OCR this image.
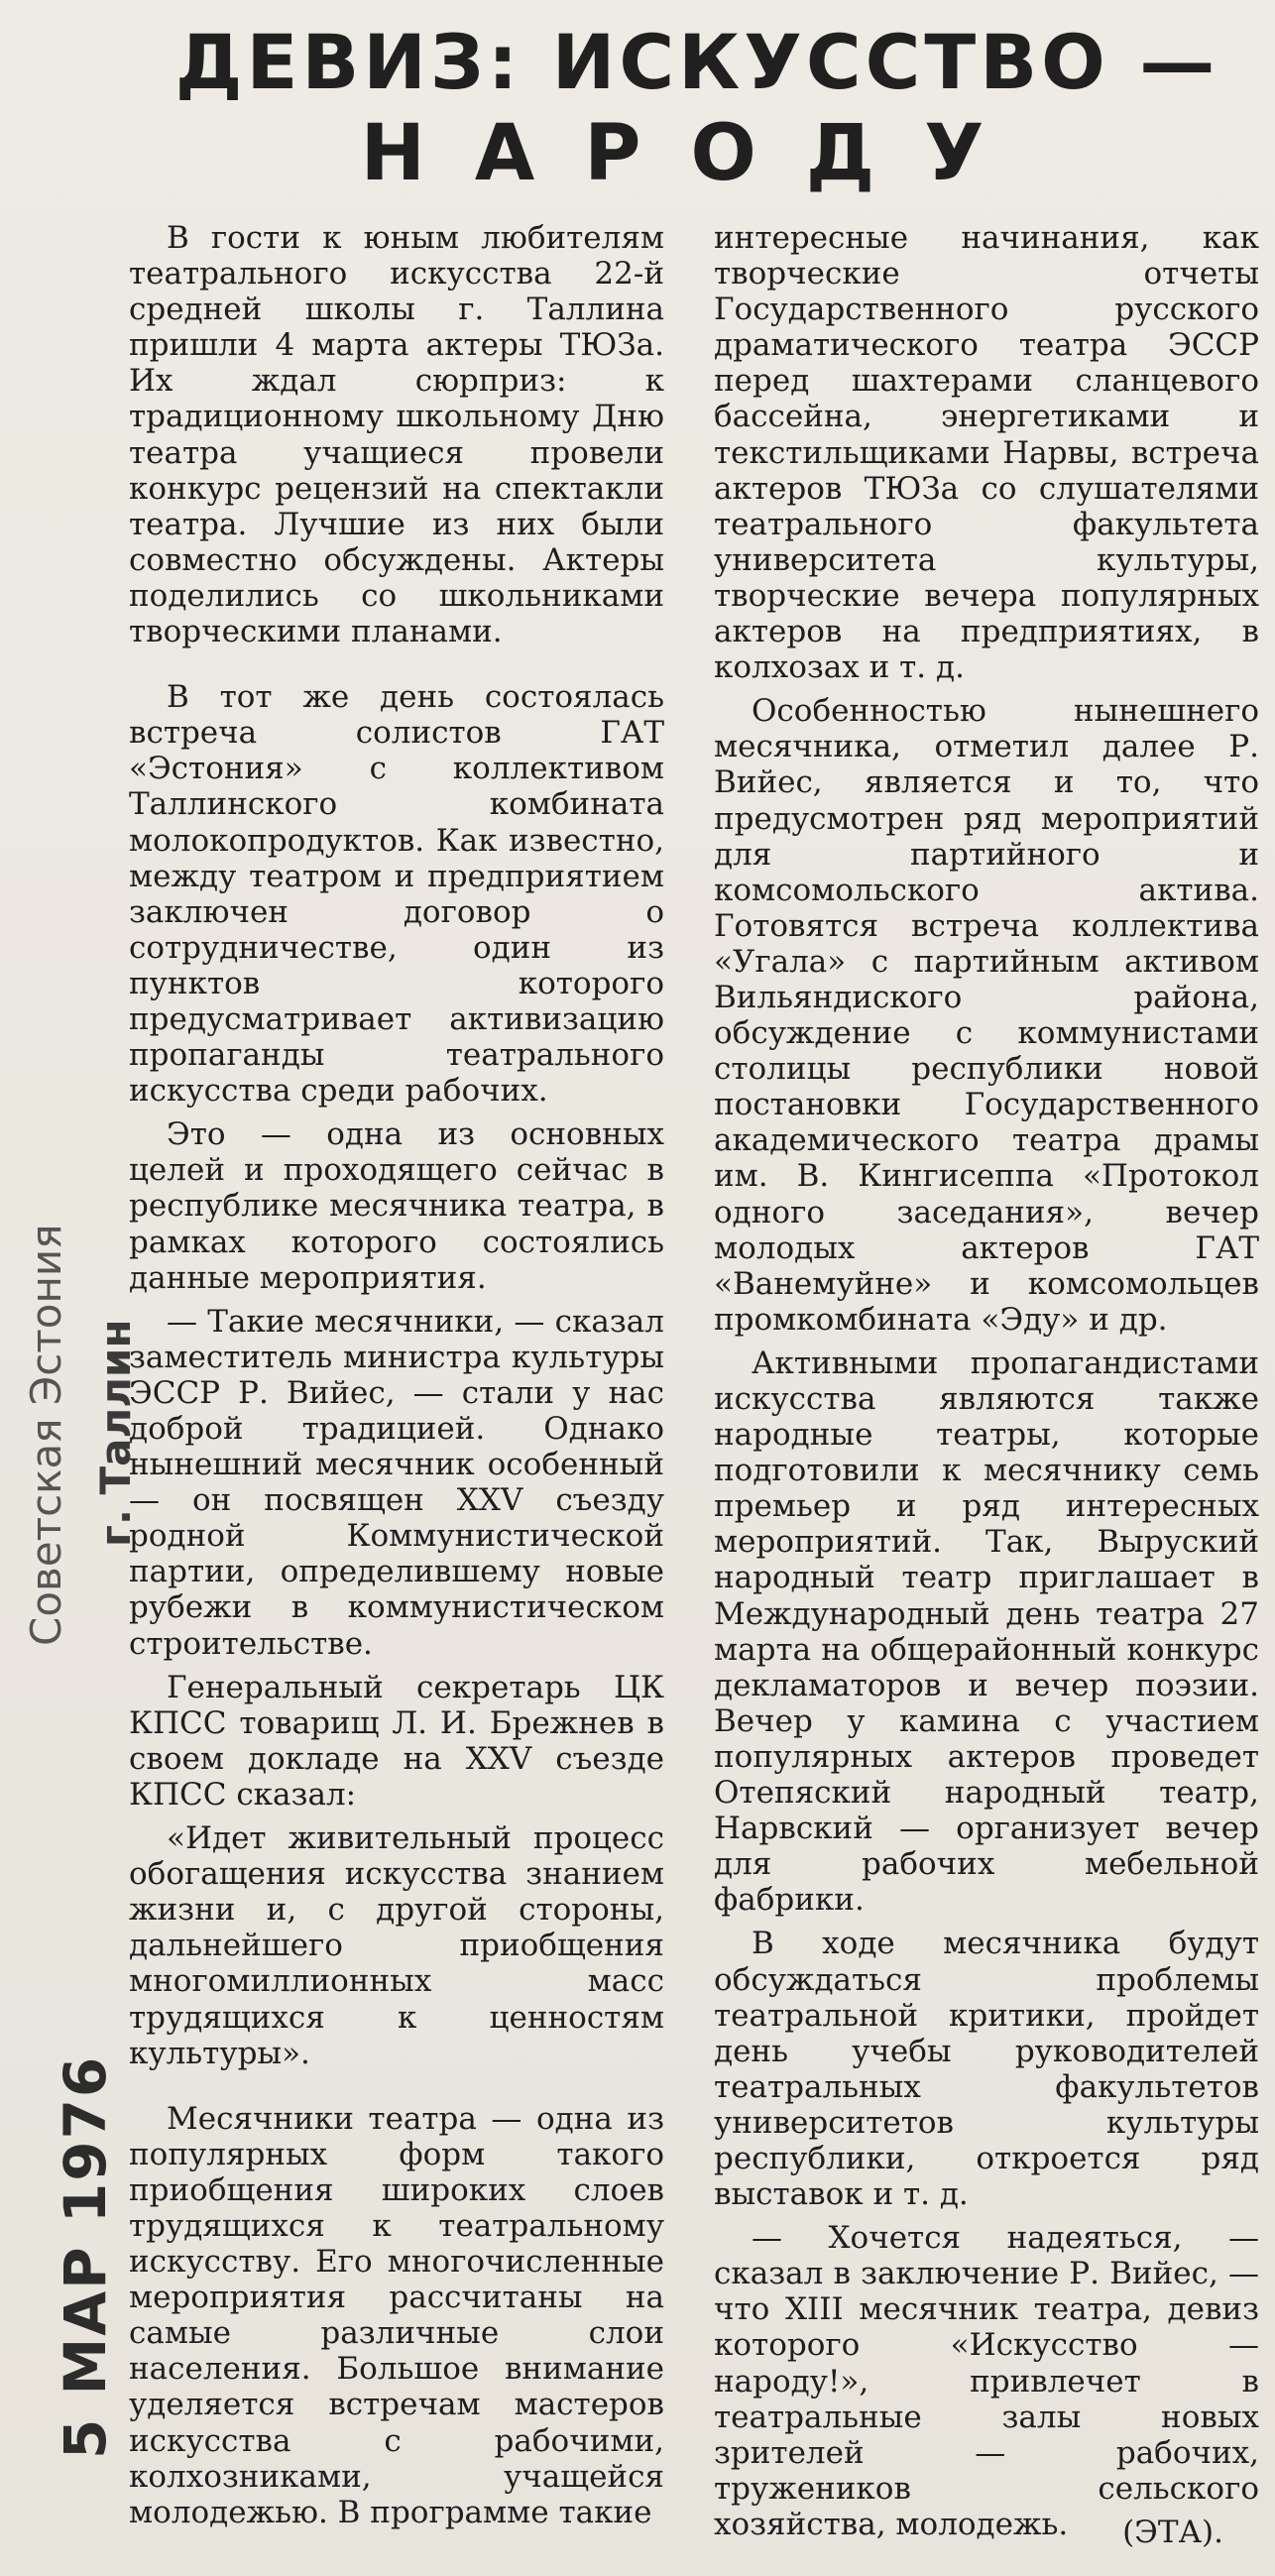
ДЕВИЗ: ИСКУССТВО —
НАРОДУ
Советская Эстония г. Таллин
5 МАР 1976

В гости к юным любителям театрального искусства 22-й средней школы г. Таллина пришли 4 марта актеры ТЮЗа. Их ждал сюрприз: к традиционному школьному Дню театра учащиеся провели конкурс рецензий на спектакли театра. Лучшие из них были совместно обсуждены. Актеры поделились со школьниками творческими планами.

В тот же день состоялась встреча солистов ГАТ «Эстония» с коллективом Таллинского комбината молокопродуктов. Как известно, между театром и предприятием заключен договор о сотрудничестве, один из пунктов которого предусматривает активизацию пропаганды театрального искусства среди рабочих.

Это — одна из основных целей и проходящего сейчас в республике месячника театра, в рамках которого состоялись данные мероприятия.

— Такие месячники, — сказал заместитель министра культуры ЭССР Р. Вийес, — стали у нас доброй традицией. Однако нынешний месячник особенный — он посвящен XXV съезду родной Коммунистической партии, определившему новые рубежи в коммунистическом строительстве.

Генеральный секретарь ЦК КПСС товарищ Л. И. Брежнев в своем докладе на XXV съезде КПСС сказал:

«Идет живительный процесс обогащения искусства знанием жизни и, с другой стороны, дальнейшего приобщения многомиллионных масс трудящихся к ценностям культуры».

Месячники театра — одна из популярных форм такого приобщения широких слоев трудящихся к театральному искусству. Его многочисленные мероприятия рассчитаны на самые различные слои населения. Большое внимание уделяется встречам мастеров искусства с рабочими, колхозниками, учащейся молодежью. В программе такие

интересные начинания, как творческие отчеты Государственного русского драматического театра ЭССР перед шахтерами сланцевого бассейна, энергетиками и текстильщиками Нарвы, встреча актеров ТЮЗа со слушателями театрального факультета университета культуры, творческие вечера популярных актеров на предприятиях, в колхозах и т. д.

Особенностью нынешнего месячника, отметил далее Р. Вийес, является и то, что предусмотрен ряд мероприятий для партийного и комсомольского актива. Готовятся встреча коллектива «Угала» с партийным активом Вильяндиского района, обсуждение с коммунистами столицы республики новой постановки Государственного академического театра драмы им. В. Кингисеппа «Протокол одного заседания», вечер молодых актеров ГАТ «Ванемуйне» и комсомольцев промкомбината «Эду» и др.

Активными пропагандистами искусства являются также народные театры, которые подготовили к месячнику семь премьер и ряд интересных мероприятий. Так, Выруский народный театр приглашает в Международный день театра 27 марта на общерайонный конкурс декламаторов и вечер поэзии. Вечер у камина с участием популярных актеров проведет Отепяский народный театр, Нарвский — организует вечер для рабочих мебельной фабрики.

В ходе месячника будут обсуждаться проблемы театральной критики, пройдет день учебы руководителей театральных факультетов университетов культуры республики, откроется ряд выставок и т. д.

— Хочется надеяться, — сказал в заключение Р. Вийес, — что XIII месячник театра, девиз которого «Искусство — народу!», привлечет в театральные залы новых зрителей — рабочих, тружеников сельского хозяйства, молодежь.	(ЭТА).
